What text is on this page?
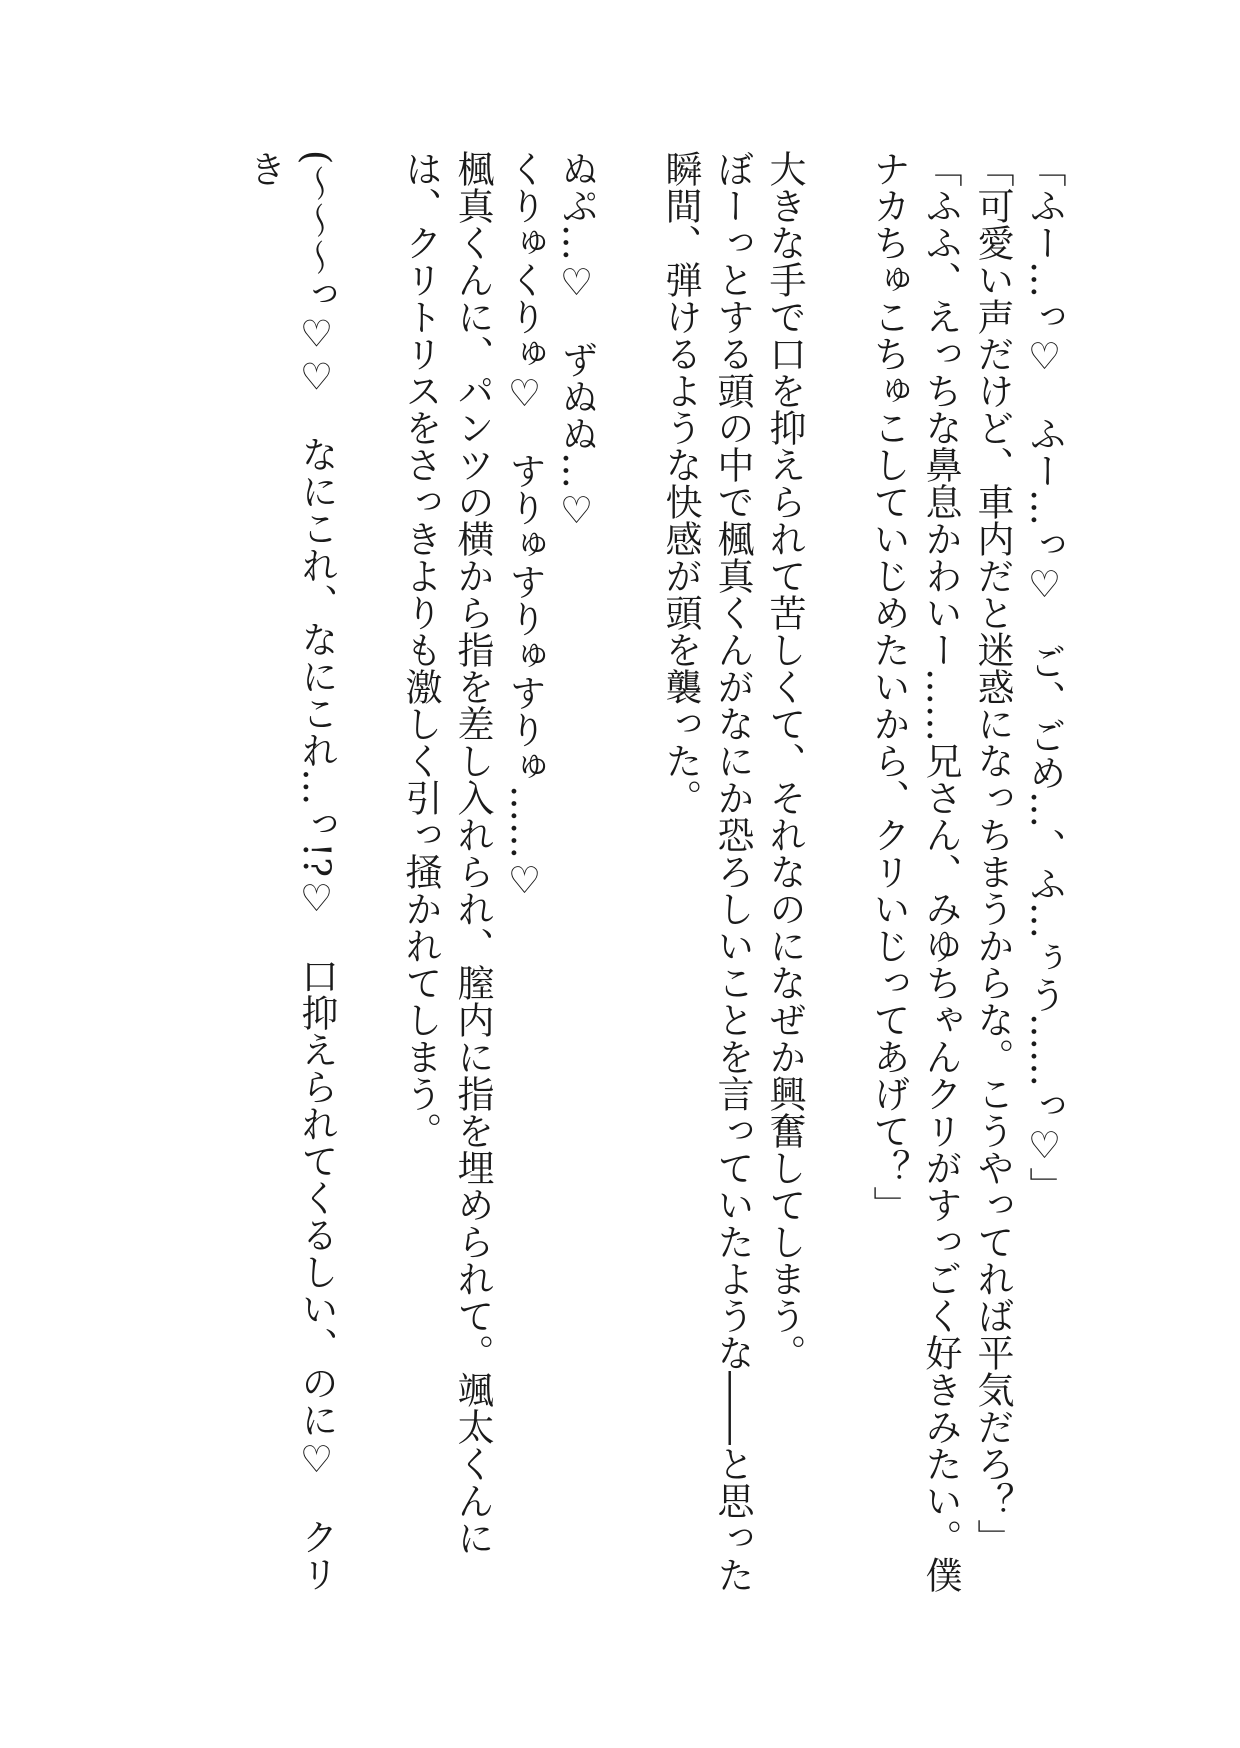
「ふー…っ♡　ふー…っ♡　ご、ごめ…、ふ…ぅう……っ♡」
「可愛い声だけど、車内だと迷惑になっちまうからな。こうやってれば平気だろ？」
「ふふ、えっちな鼻息かわいー……兄さん、みゆちゃんクリがすっごく好きみたい。僕ナカちゅこちゅこしていじめたいから、クリいじってあげて？」
大きな手で口を抑えられて苦しくて、それなのになぜか興奮してしまう。
ぼーっとする頭の中で楓真くんがなにか恐ろしいことを言っていたような――と思った瞬間、弾けるような快感が頭を襲った。
ぬぷ…♡　ずぬぬ…♡
くりゅくりゅ♡　すりゅすりゅすりゅ……♡
楓真くんに、パンツの横から指を差し入れられ、膣内に指を埋められて。颯太くんには、クリトリスをさっきよりも激しく引っ掻かれてしまう。
(～～～っ♡♡　なにこれ、なにこれ…っ!?♡　口抑えられてくるしい、のに♡　クリき
